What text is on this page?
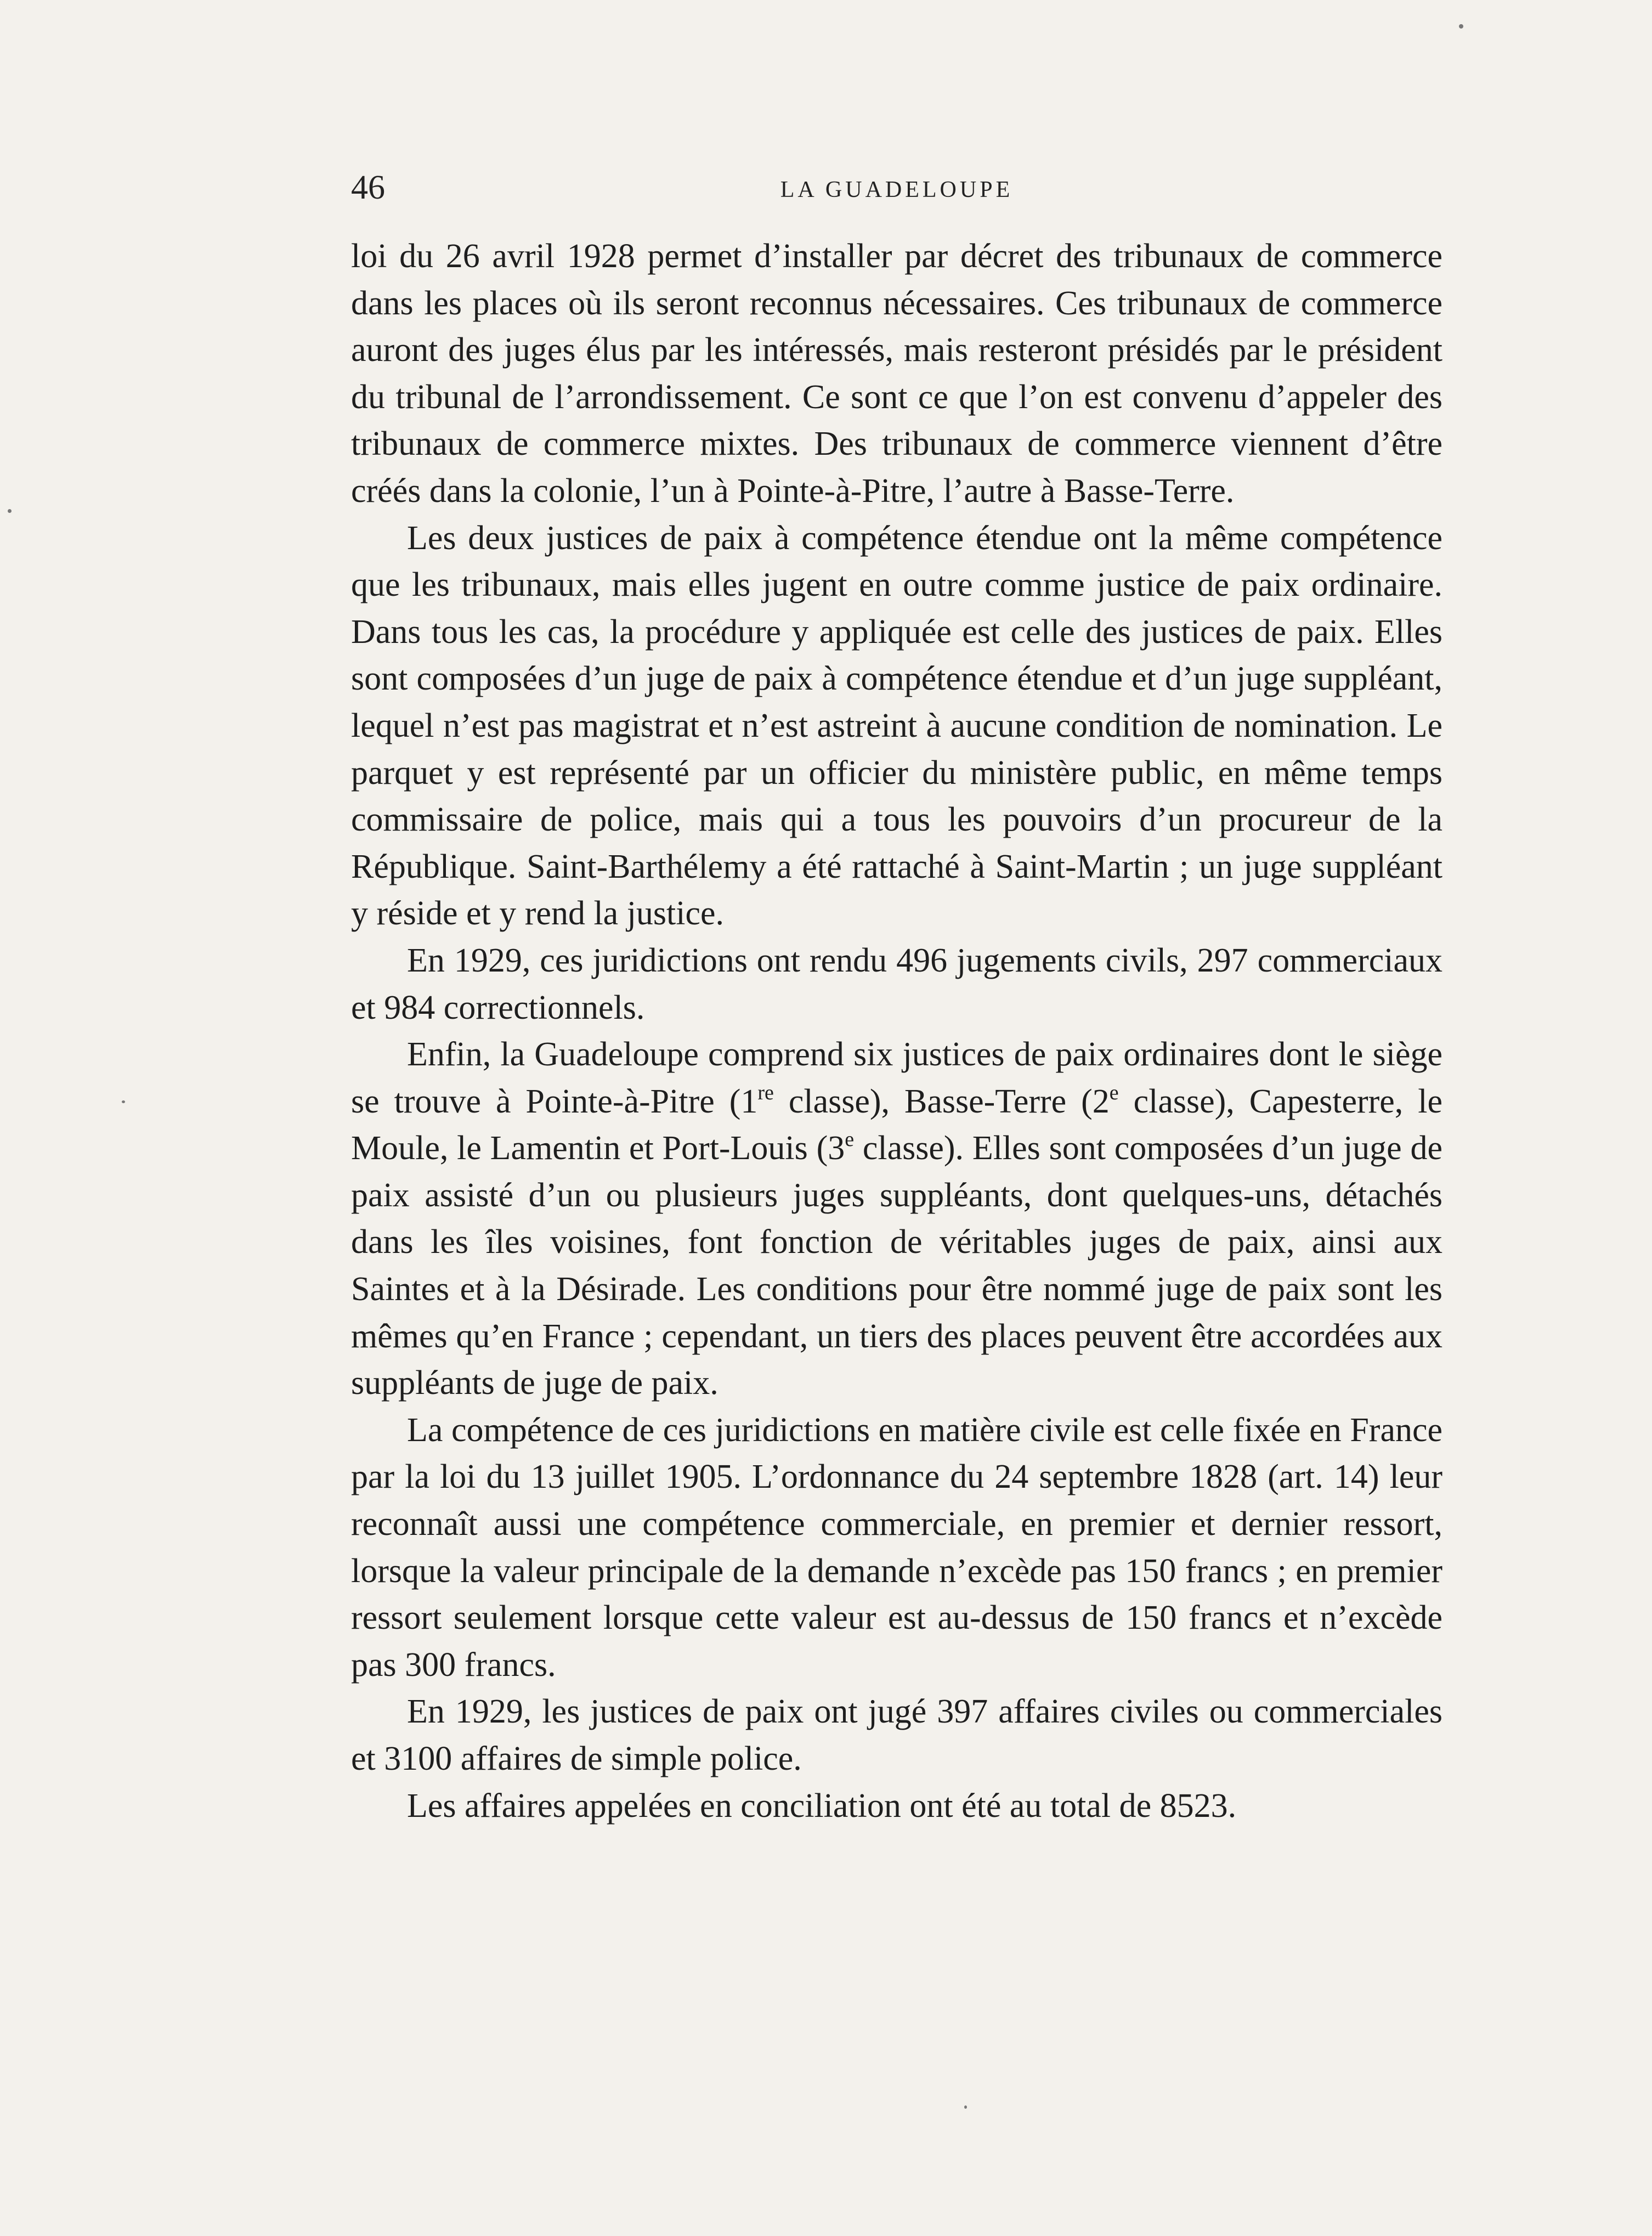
46	LA GUADELOUPE

loi du 26 avril 1928 permet d’installer par décret des tribunaux de commerce dans les places où ils seront reconnus nécessaires. Ces tribunaux de commerce auront des juges élus par les intéressés, mais resteront présidés par le président du tribunal de l’arrondissement. Ce sont ce que l’on est convenu d’appeler des tribunaux de commerce mixtes. Des tribunaux de commerce viennent d’être créés dans la colonie, l’un à Pointe-à-Pitre, l’autre à Basse-Terre.

Les deux justices de paix à compétence étendue ont la même compétence que les tribunaux, mais elles jugent en outre comme justice de paix ordinaire. Dans tous les cas, la procédure y appliquée est celle des justices de paix. Elles sont composées d’un juge de paix à compétence étendue et d’un juge suppléant, lequel n’est pas magistrat et n’est astreint à aucune condition de nomination. Le parquet y est représenté par un officier du ministère public, en même temps commissaire de police, mais qui a tous les pouvoirs d’un procureur de la République. Saint-Barthélemy a été rattaché à Saint-Martin ; un juge suppléant y réside et y rend la justice.

En 1929, ces juridictions ont rendu 496 jugements civils, 297 commerciaux et 984 correctionnels.

Enfin, la Guadeloupe comprend six justices de paix ordinaires dont le siège se trouve à Pointe-à-Pitre (1re classe), Basse-Terre (2e classe), Capesterre, le Moule, le Lamentin et Port-Louis (3e classe). Elles sont composées d’un juge de paix assisté d’un ou plusieurs juges suppléants, dont quelques-uns, détachés dans les îles voisines, font fonction de véritables juges de paix, ainsi aux Saintes et à la Désirade. Les conditions pour être nommé juge de paix sont les mêmes qu’en France ; cependant, un tiers des places peuvent être accordées aux suppléants de juge de paix.

La compétence de ces juridictions en matière civile est celle fixée en France par la loi du 13 juillet 1905. L’ordonnance du 24 septembre 1828 (art. 14) leur reconnaît aussi une compétence commerciale, en premier et dernier ressort, lorsque la valeur principale de la demande n’excède pas 150 francs ; en premier ressort seulement lorsque cette valeur est au-dessus de 150 francs et n’excède pas 300 francs.

En 1929, les justices de paix ont jugé 397 affaires civiles ou commerciales et 3100 affaires de simple police.

Les affaires appelées en conciliation ont été au total de 8523.
